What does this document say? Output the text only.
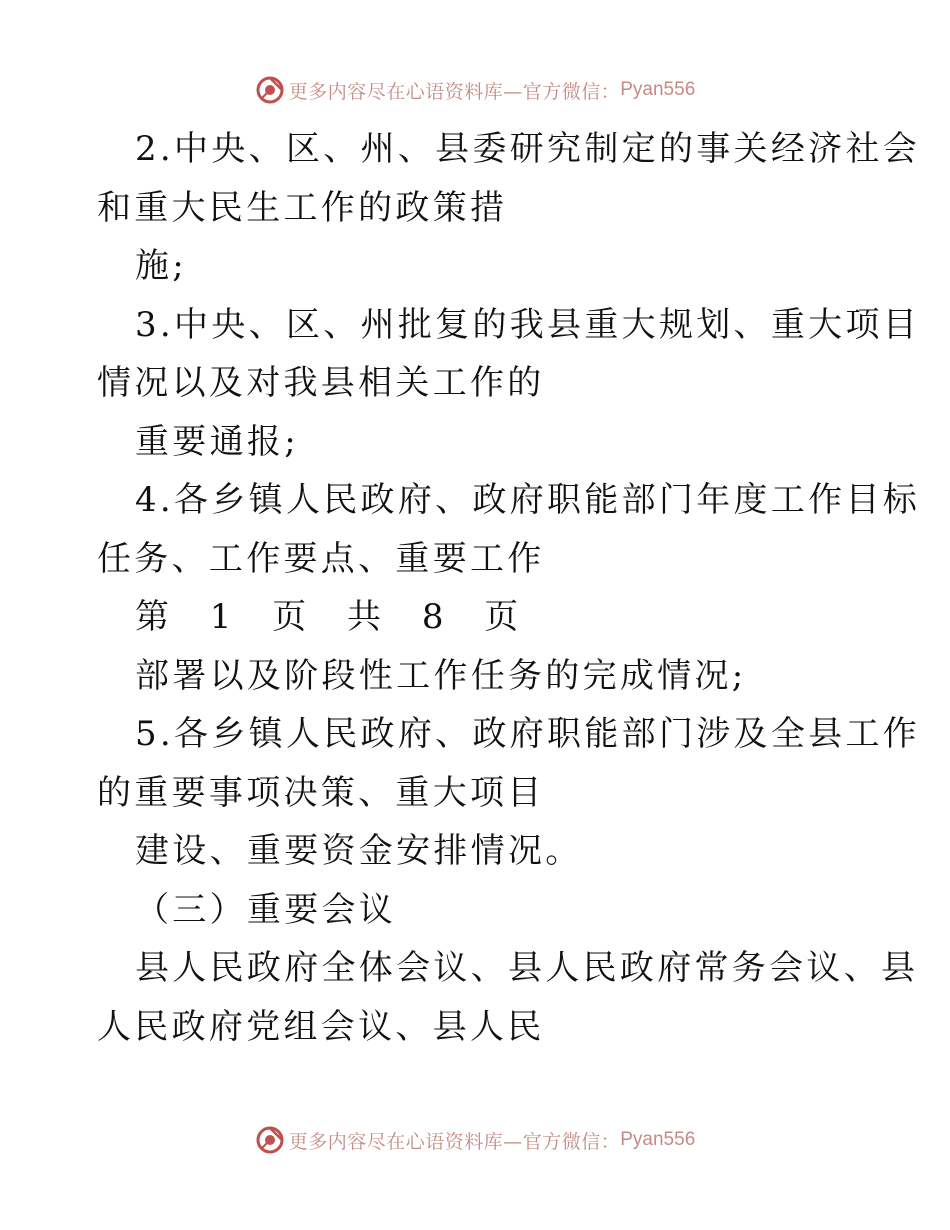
更多内容尽在心语资料库—官方微信： Pyan556
2.中央、区、州、县委研究制定的事关经济社会
和重大民生工作的政策措
施;
3.中央、区、州批复的我县重大规划、重大项目
情况以及对我县相关工作的
重要通报;
4.各乡镇人民政府、政府职能部门年度工作目标
任务、工作要点、重要工作
第 1 页 共 8 页
部署以及阶段性工作任务的完成情况;
5.各乡镇人民政府、政府职能部门涉及全县工作
的重要事项决策、重大项目
建设、重要资金安排情况。
（三）重要会议
县人民政府全体会议、县人民政府常务会议、县
人民政府党组会议、县人民
更多内容尽在心语资料库—官方微信： Pyan556
